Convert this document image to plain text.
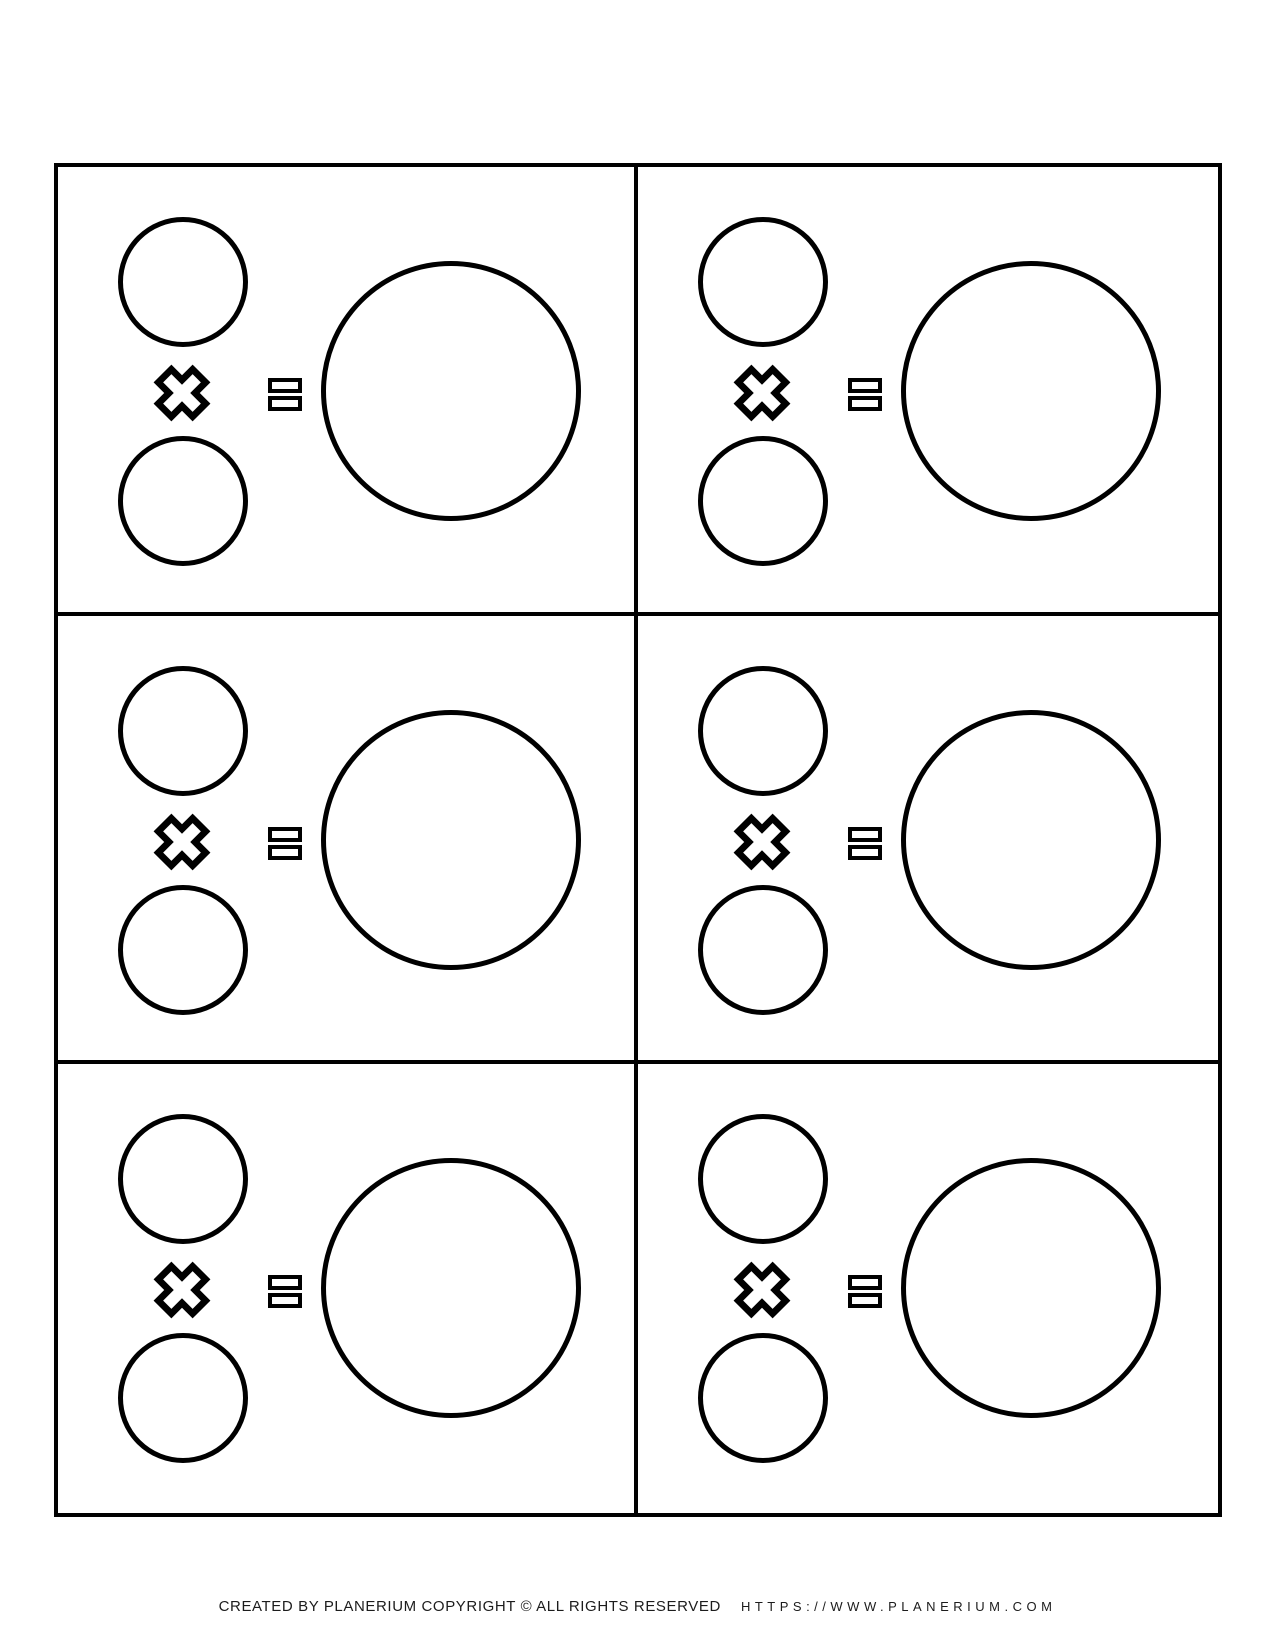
CREATED BY PLANERIUM COPYRIGHT © ALL RIGHTS RESERVED HTTPS://WWW.PLANERIUM.COM
